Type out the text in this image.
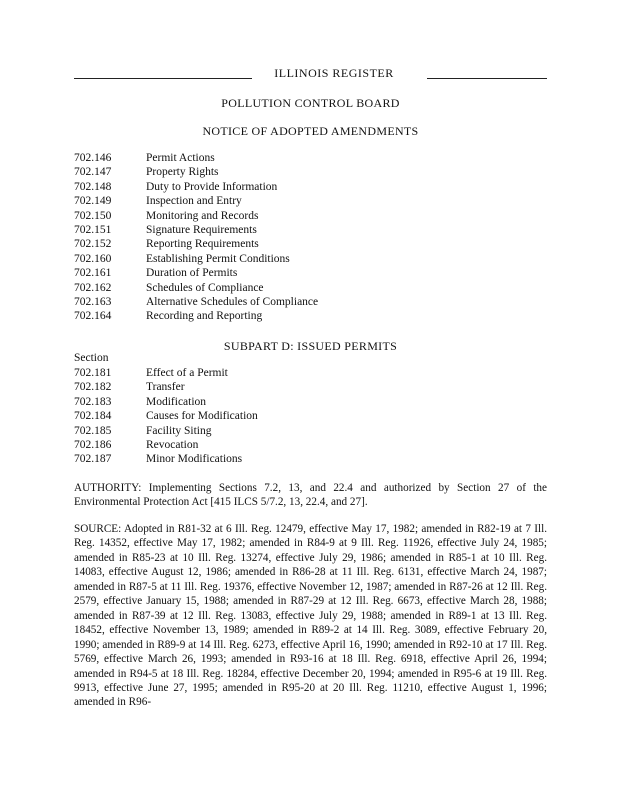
ILLINOIS REGISTER
POLLUTION CONTROL BOARD
NOTICE OF ADOPTED AMENDMENTS
702.146	Permit Actions
702.147	Property Rights
702.148	Duty to Provide Information
702.149	Inspection and Entry
702.150	Monitoring and Records
702.151	Signature Requirements
702.152	Reporting Requirements
702.160	Establishing Permit Conditions
702.161	Duration of Permits
702.162	Schedules of Compliance
702.163	Alternative Schedules of Compliance
702.164	Recording and Reporting
SUBPART D: ISSUED PERMITS
Section
702.181	Effect of a Permit
702.182	Transfer
702.183	Modification
702.184	Causes for Modification
702.185	Facility Siting
702.186	Revocation
702.187	Minor Modifications
AUTHORITY: Implementing Sections 7.2, 13, and 22.4 and authorized by Section 27 of the Environmental Protection Act [415 ILCS 5/7.2, 13, 22.4, and 27].
SOURCE: Adopted in R81-32 at 6 Ill. Reg. 12479, effective May 17, 1982; amended in R82-19 at 7 Ill. Reg. 14352, effective May 17, 1982; amended in R84-9 at 9 Ill. Reg. 11926, effective July 24, 1985; amended in R85-23 at 10 Ill. Reg. 13274, effective July 29, 1986; amended in R85-1 at 10 Ill. Reg. 14083, effective August 12, 1986; amended in R86-28 at 11 Ill. Reg. 6131, effective March 24, 1987; amended in R87-5 at 11 Ill. Reg. 19376, effective November 12, 1987; amended in R87-26 at 12 Ill. Reg. 2579, effective January 15, 1988; amended in R87-29 at 12 Ill. Reg. 6673, effective March 28, 1988; amended in R87-39 at 12 Ill. Reg. 13083, effective July 29, 1988; amended in R89-1 at 13 Ill. Reg. 18452, effective November 13, 1989; amended in R89-2 at 14 Ill. Reg. 3089, effective February 20, 1990; amended in R89-9 at 14 Ill. Reg. 6273, effective April 16, 1990; amended in R92-10 at 17 Ill. Reg. 5769, effective March 26, 1993; amended in R93-16 at 18 Ill. Reg. 6918, effective April 26, 1994; amended in R94-5 at 18 Ill. Reg. 18284, effective December 20, 1994; amended in R95-6 at 19 Ill. Reg. 9913, effective June 27, 1995; amended in R95-20 at 20 Ill. Reg. 11210, effective August 1, 1996; amended in R96-
